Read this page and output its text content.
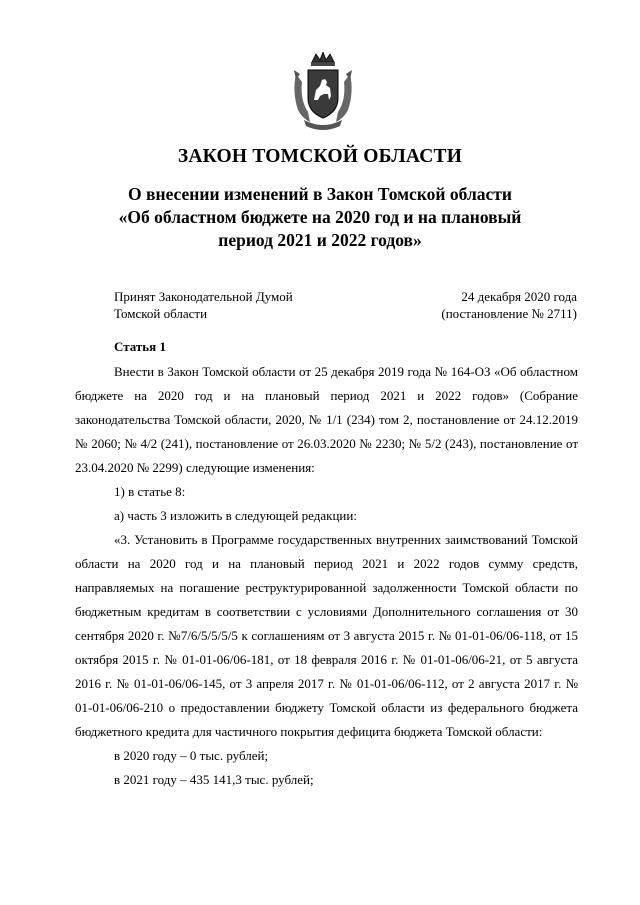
ЗАКОН ТОМСКОЙ ОБЛАСТИ
О внесении изменений в Закон Томской области
«Об областном бюджете на 2020 год и на плановый
период 2021 и 2022 годов»
Принят Законодательной Думой
Томской области
24 декабря 2020 года
(постановление № 2711)
Статья 1

Внести в Закон Томской области от 25 декабря 2019 года № 164-ОЗ «Об областном бюджете на 2020 год и на плановый период 2021 и 2022 годов» (Собрание законодательства Томской области, 2020, № 1/1 (234) том 2, постановление от 24.12.2019 № 2060; № 4/2 (241), постановление от 26.03.2020 № 2230; № 5/2 (243), постановление от 23.04.2020 № 2299) следующие изменения:

1) в статье 8:

а) часть 3 изложить в следующей редакции:

«3. Установить в Программе государственных внутренних заимствований Томской области на 2020 год и на плановый период 2021 и 2022 годов сумму средств, направляемых на погашение реструктурированной задолженности Томской области по бюджетным кредитам в соответствии с условиями Дополнительного соглашения от 30 сентября 2020 г. №7/6/5/5/5/5 к соглашениям от 3 августа 2015 г. № 01-01-06/06-118, от 15 октября 2015 г. № 01-01-06/06-181, от 18 февраля 2016 г. № 01-01-06/06-21, от 5 августа 2016 г. № 01-01-06/06-145, от 3 апреля 2017 г. № 01-01-06/06-112, от 2 августа 2017 г. № 01-01-06/06-210 о предоставлении бюджету Томской области из федерального бюджета бюджетного кредита для частичного покрытия дефицита бюджета Томской области:

в 2020 году – 0 тыс. рублей;

в 2021 году – 435 141,3 тыс. рублей;
